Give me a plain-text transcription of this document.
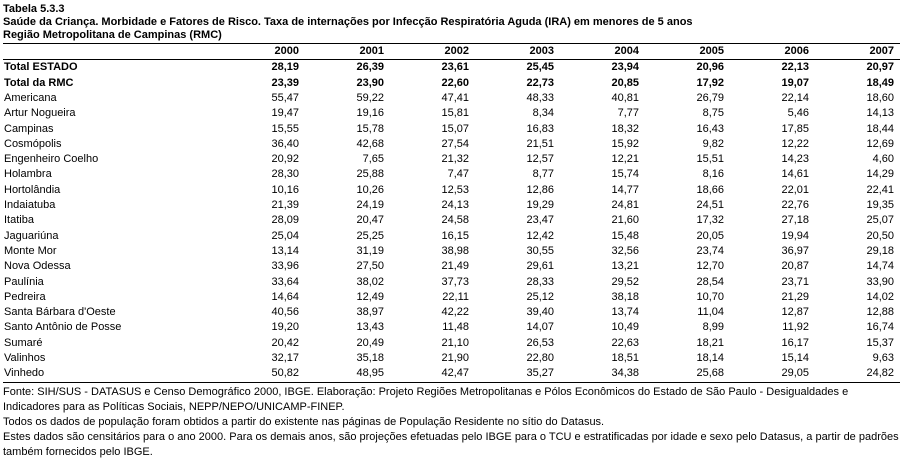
Tabela 5.3.3
Saúde da Criança. Morbidade e Fatores de Risco. Taxa de internações por Infecção Respiratória Aguda (IRA) em menores de 5 anos
Região Metropolitana de Campinas (RMC)
	2000	2001	2002	2003	2004	2005	2006	2007
Total ESTADO	28,19	26,39	23,61	25,45	23,94	20,96	22,13	20,97
Total da RMC	23,39	23,90	22,60	22,73	20,85	17,92	19,07	18,49
Americana	55,47	59,22	47,41	48,33	40,81	26,79	22,14	18,60
Artur Nogueira	19,47	19,16	15,81	8,34	7,77	8,75	5,46	14,13
Campinas	15,55	15,78	15,07	16,83	18,32	16,43	17,85	18,44
Cosmópolis	36,40	42,68	27,54	21,51	15,92	9,82	12,22	12,69
Engenheiro Coelho	20,92	7,65	21,32	12,57	12,21	15,51	14,23	4,60
Holambra	28,30	25,88	7,47	8,77	15,74	8,16	14,61	14,29
Hortolândia	10,16	10,26	12,53	12,86	14,77	18,66	22,01	22,41
Indaiatuba	21,39	24,19	24,13	19,29	24,81	24,51	22,76	19,35
Itatiba	28,09	20,47	24,58	23,47	21,60	17,32	27,18	25,07
Jaguariúna	25,04	25,25	16,15	12,42	15,48	20,05	19,94	20,50
Monte Mor	13,14	31,19	38,98	30,55	32,56	23,74	36,97	29,18
Nova Odessa	33,96	27,50	21,49	29,61	13,21	12,70	20,87	14,74
Paulínia	33,64	38,02	37,73	28,33	29,52	28,54	23,71	33,90
Pedreira	14,64	12,49	22,11	25,12	38,18	10,70	21,29	14,02
Santa Bárbara d'Oeste	40,56	38,97	42,22	39,40	13,74	11,04	12,87	12,88
Santo Antônio de Posse	19,20	13,43	11,48	14,07	10,49	8,99	11,92	16,74
Sumaré	20,42	20,49	21,10	26,53	22,63	18,21	16,17	15,37
Valinhos	32,17	35,18	21,90	22,80	18,51	18,14	15,14	9,63
Vinhedo	50,82	48,95	42,47	35,27	34,38	25,68	29,05	24,82

Fonte: SIH/SUS - DATASUS e Censo Demográfico 2000, IBGE. Elaboração: Projeto Regiões Metropolitanas e Pólos Econômicos do Estado de São Paulo - Desigualdades e Indicadores para as Políticas Sociais, NEPP/NEPO/UNICAMP-FINEP.

Todos os dados de população foram obtidos a partir do existente nas páginas de População Residente no sítio do Datasus.

Estes dados são censitários para o ano 2000. Para os demais anos, são projeções efetuadas pelo IBGE para o TCU e estratificadas por idade e sexo pelo Datasus, a partir de padrões também fornecidos pelo IBGE.
